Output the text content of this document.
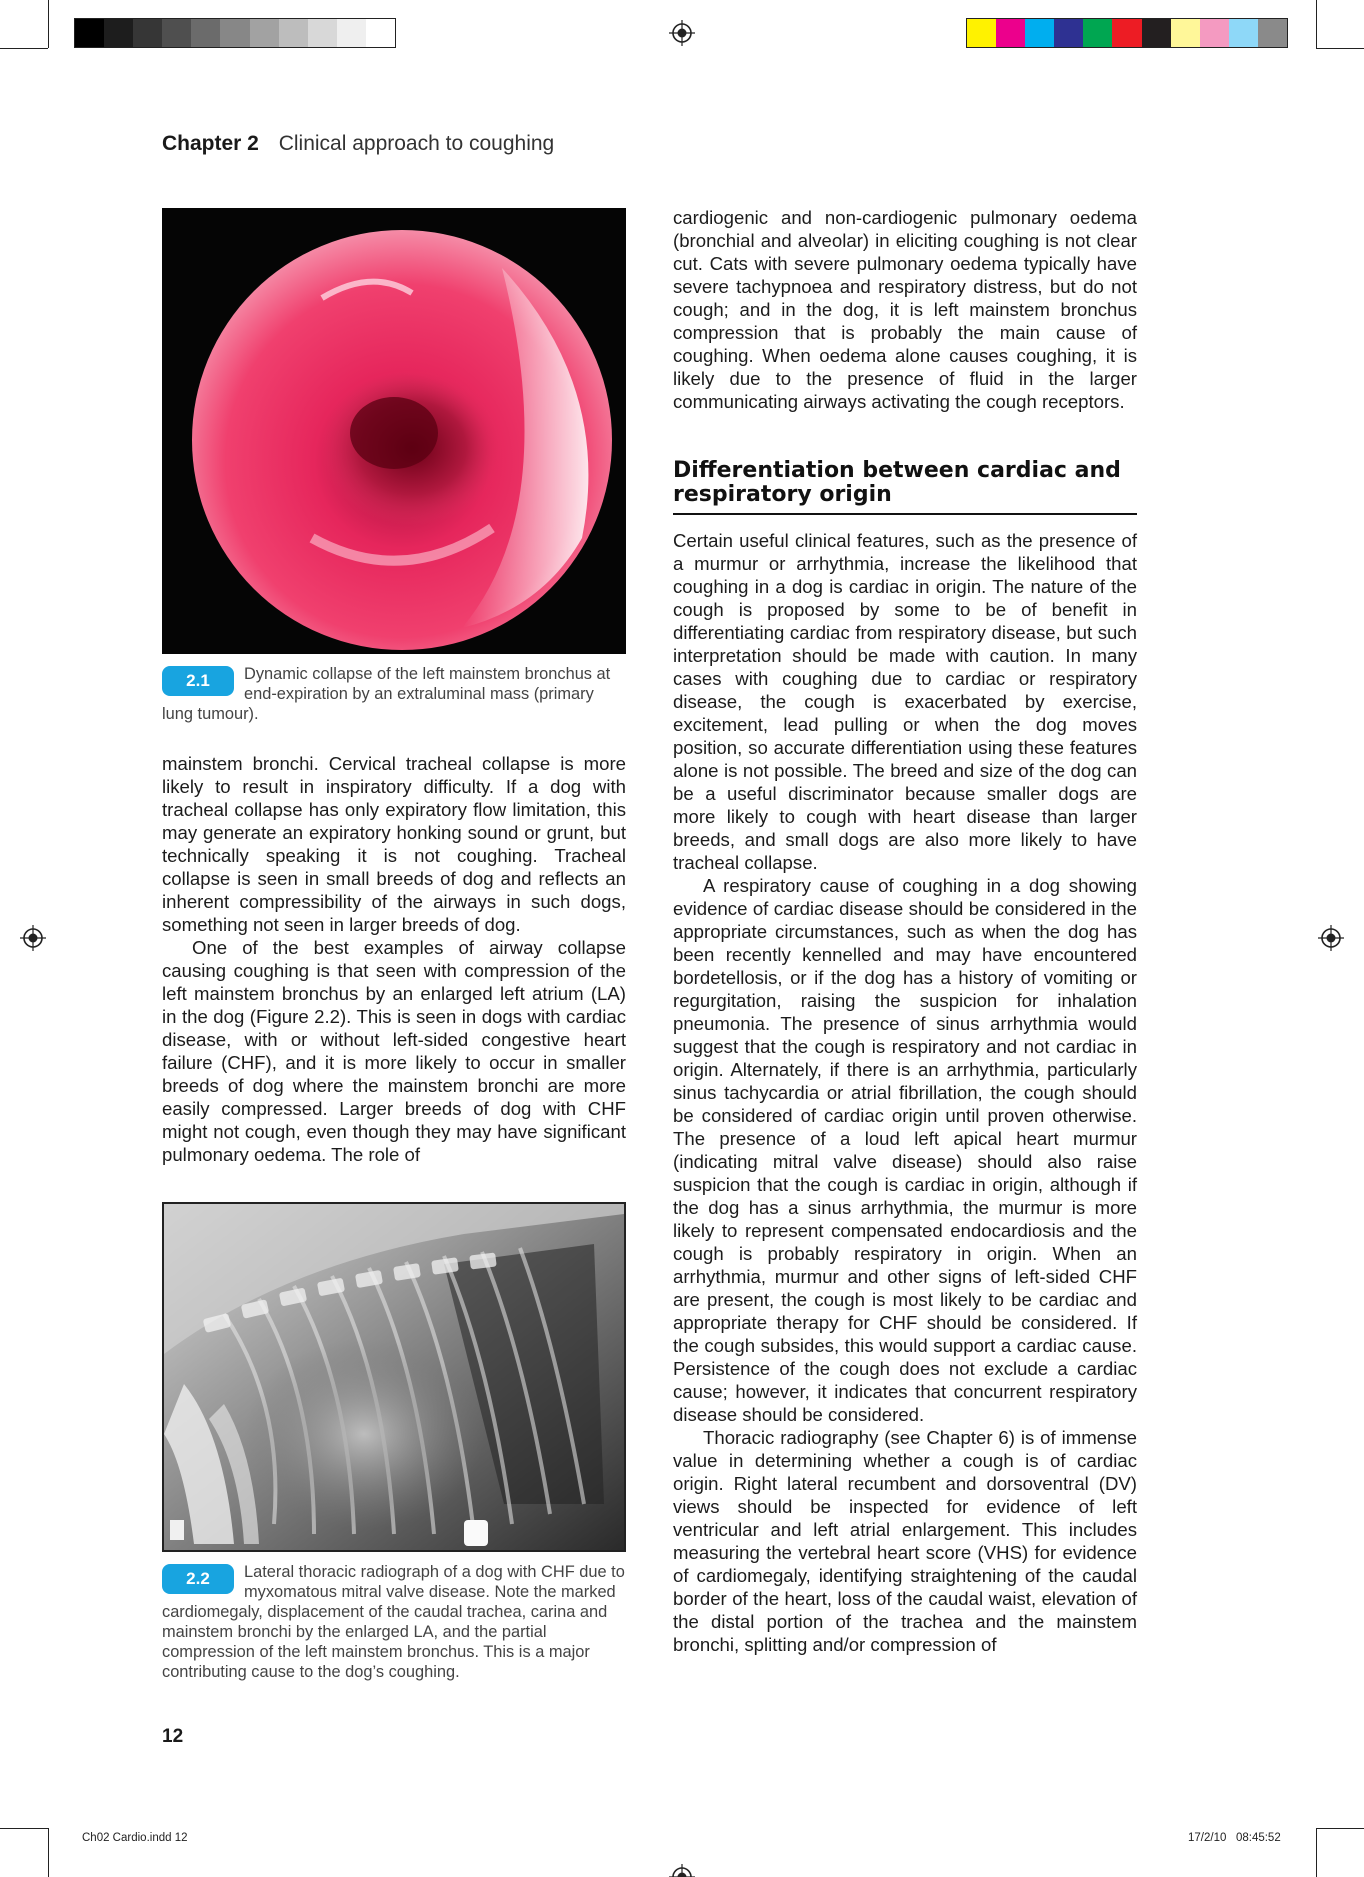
Chapter 2 Clinical approach to coughing
2.1	Dynamic collapse of the left mainstem bronchus at end-expiration by an extraluminal mass (primary lung tumour).

mainstem bronchi. Cervical tracheal collapse is more likely to result in inspiratory difficulty. If a dog with tracheal collapse has only expiratory flow limitation, this may generate an expiratory honking sound or grunt, but technically speaking it is not coughing. Tracheal collapse is seen in small breeds of dog and reflects an inherent compressibility of the airways in such dogs, something not seen in larger breeds of dog.

One of the best examples of airway collapse causing coughing is that seen with compression of the left mainstem bronchus by an enlarged left atrium (LA) in the dog (Figure 2.2). This is seen in dogs with cardiac disease, with or without left-sided congestive heart failure (CHF), and it is more likely to occur in smaller breeds of dog where the mainstem bronchi are more easily compressed. Larger breeds of dog with CHF might not cough, even though they may have significant pulmonary oedema. The role of

2.2	Lateral thoracic radiograph of a dog with CHF due to myxomatous mitral valve disease. Note the marked cardiomegaly, displacement of the caudal trachea, carina and mainstem bronchi by the enlarged LA, and the partial compression of the left mainstem bronchus. This is a major contributing cause to the dog’s coughing.

cardiogenic and non-cardiogenic pulmonary oedema (bronchial and alveolar) in eliciting coughing is not clear cut. Cats with severe pulmonary oedema typically have severe tachypnoea and respiratory distress, but do not cough; and in the dog, it is left mainstem bronchus compression that is probably the main cause of coughing. When oedema alone causes coughing, it is likely due to the presence of fluid in the larger communicating airways activating the cough receptors.

Differentiation between cardiac and respiratory origin

Certain useful clinical features, such as the presence of a murmur or arrhythmia, increase the likelihood that coughing in a dog is cardiac in origin. The nature of the cough is proposed by some to be of benefit in differentiating cardiac from respiratory disease, but such interpretation should be made with caution. In many cases with coughing due to cardiac or respiratory disease, the cough is exacerbated by exercise, excitement, lead pulling or when the dog moves position, so accurate differentiation using these features alone is not possible. The breed and size of the dog can be a useful discriminator because smaller dogs are more likely to cough with heart disease than larger breeds, and small dogs are also more likely to have tracheal collapse.

A respiratory cause of coughing in a dog showing evidence of cardiac disease should be considered in the appropriate circumstances, such as when the dog has been recently kennelled and may have encountered bordetellosis, or if the dog has a history of vomiting or regurgitation, raising the suspicion for inhalation pneumonia. The presence of sinus arrhythmia would suggest that the cough is respiratory and not cardiac in origin. Alternately, if there is an arrhythmia, particularly sinus tachycardia or atrial fibrillation, the cough should be considered of cardiac origin until proven otherwise. The presence of a loud left apical heart murmur (indicating mitral valve disease) should also raise suspicion that the cough is cardiac in origin, although if the dog has a sinus arrhythmia, the murmur is more likely to represent compensated endocardiosis and the cough is probably respiratory in origin. When an arrhythmia, murmur and other signs of left-sided CHF are present, the cough is most likely to be cardiac and appropriate therapy for CHF should be considered. If the cough subsides, this would support a cardiac cause. Persistence of the cough does not exclude a cardiac cause; however, it indicates that concurrent respiratory disease should be considered.

Thoracic radiography (see Chapter 6) is of immense value in determining whether a cough is of cardiac origin. Right lateral recumbent and dorsoventral (DV) views should be inspected for evidence of left ventricular and left atrial enlargement. This includes measuring the vertebral heart score (VHS) for evidence of cardiomegaly, identifying straightening of the caudal border of the heart, loss of the caudal waist, elevation of the distal portion of the trachea and the mainstem bronchi, splitting and/or compression of

12
Ch02 Cardio.indd 12	17/2/10   08:45:52
